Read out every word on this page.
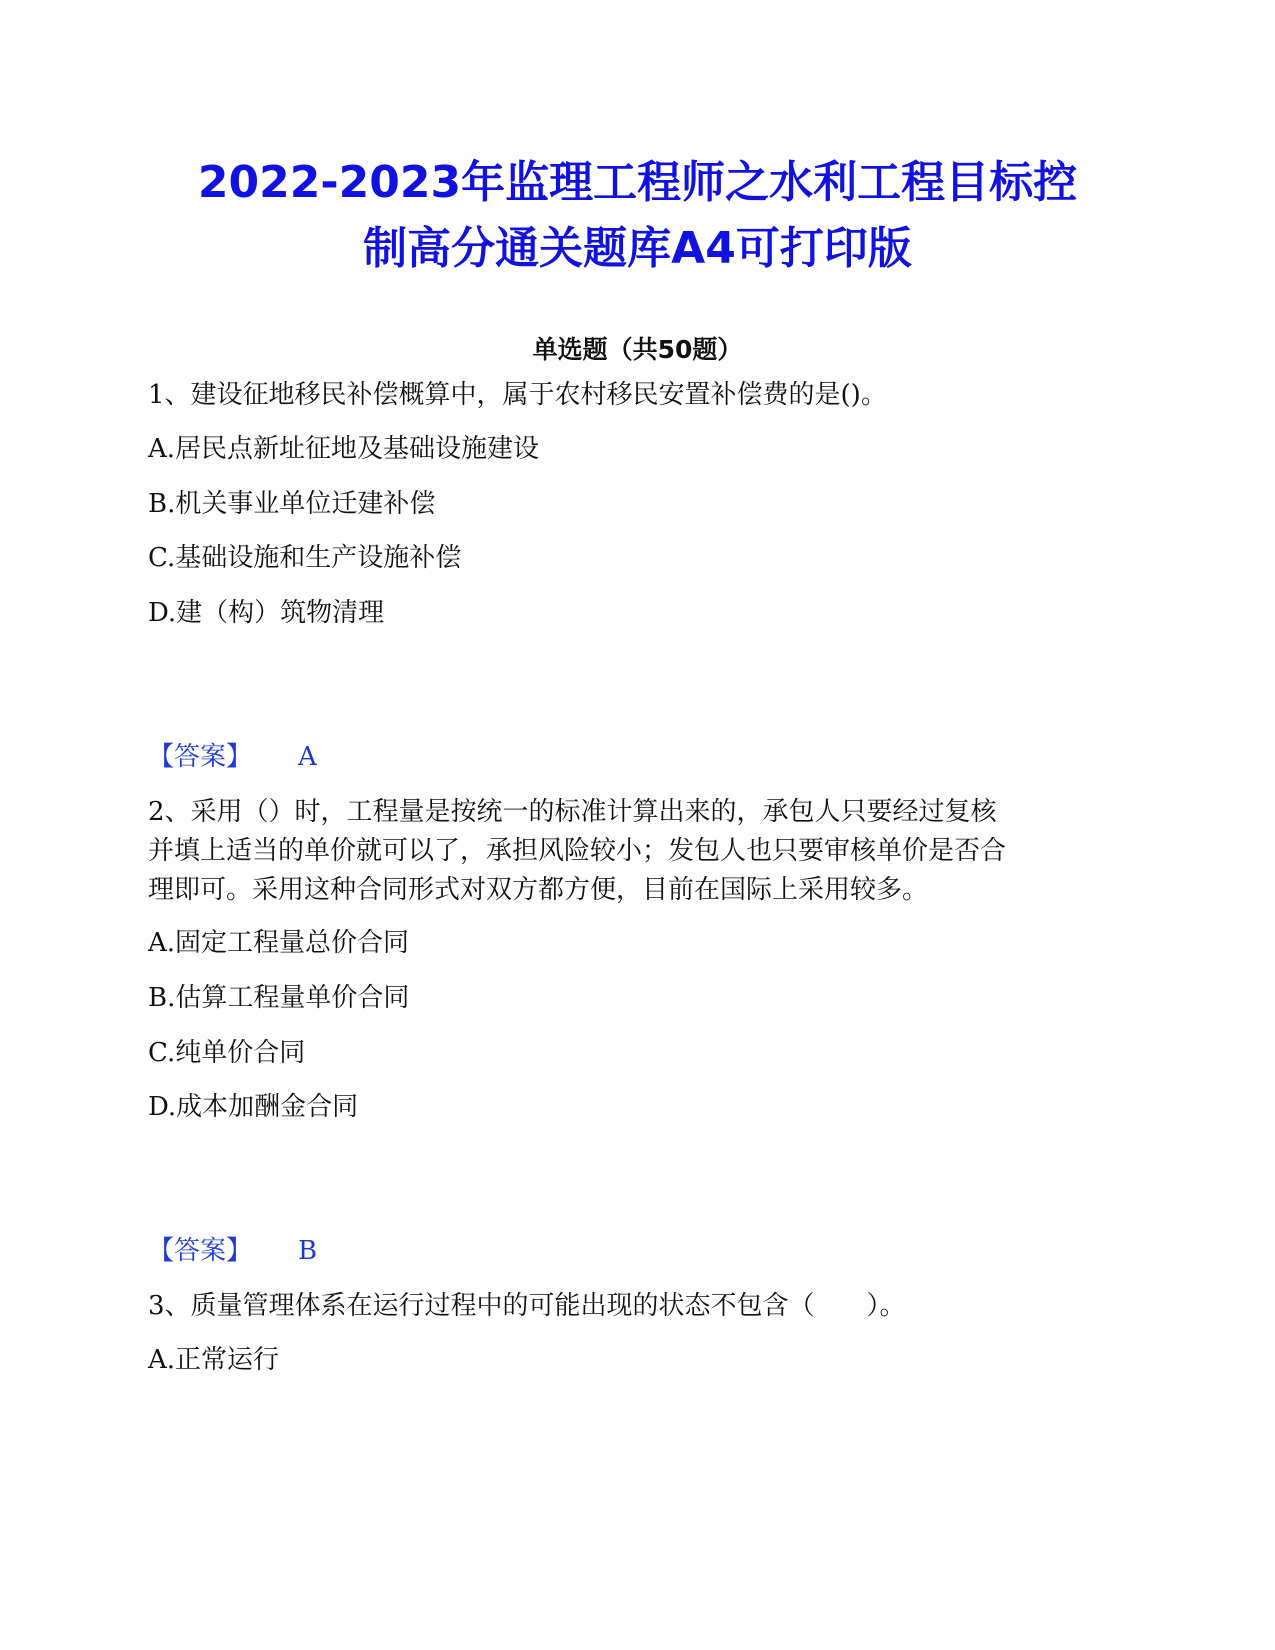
2022-2023年监理工程师之水利工程目标控
制高分通关题库A4可打印版
单选题（共50题）
1、建设征地移民补偿概算中，属于农村移民安置补偿费的是()。
A.居民点新址征地及基础设施建设
B.机关事业单位迁建补偿
C.基础设施和生产设施补偿
D.建（构）筑物清理
【答案】 A
2、采用（）时，工程量是按统一的标准计算出来的，承包人只要经过复核
并填上适当的单价就可以了，承担风险较小；发包人也只要审核单价是否合
理即可。采用这种合同形式对双方都方便，目前在国际上采用较多。
A.固定工程量总价合同
B.估算工程量单价合同
C.纯单价合同
D.成本加酬金合同
【答案】 B
3、质量管理体系在运行过程中的可能出现的状态不包含（　　）。
A.正常运行
